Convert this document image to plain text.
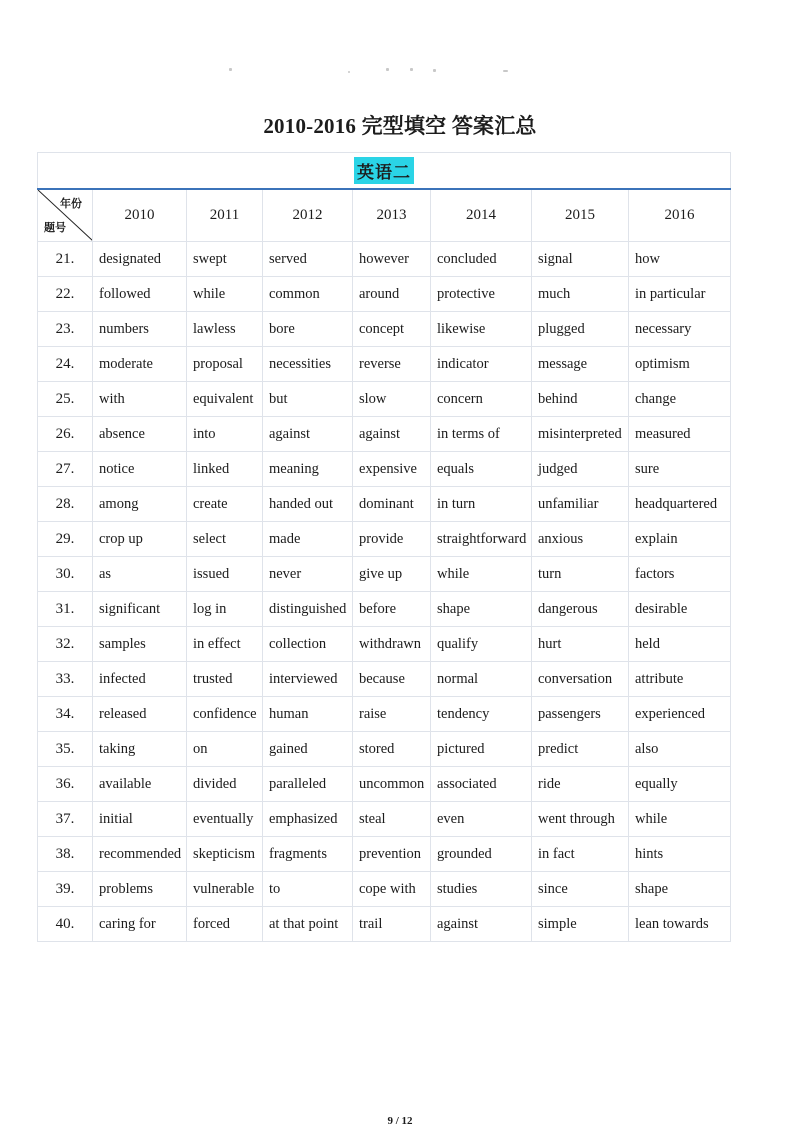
2010-2016 完型填空 答案汇总
英语二							

年份
题号	2010	2011	2012	2013	2014	2015	2016
21.	designated	swept	served	however	concluded	signal	how
22.	followed	while	common	around	protective	much	in particular
23.	numbers	lawless	bore	concept	likewise	plugged	necessary
24.	moderate	proposal	necessities	reverse	indicator	message	optimism
25.	with	equivalent	but	slow	concern	behind	change
26.	absence	into	against	against	in terms of	misinterpreted	measured
27.	notice	linked	meaning	expensive	equals	judged	sure
28.	among	create	handed out	dominant	in turn	unfamiliar	headquartered
29.	crop up	select	made	provide	straightforward	anxious	explain
30.	as	issued	never	give up	while	turn	factors
31.	significant	log in	distinguished	before	shape	dangerous	desirable
32.	samples	in effect	collection	withdrawn	qualify	hurt	held
33.	infected	trusted	interviewed	because	normal	conversation	attribute
34.	released	confidence	human	raise	tendency	passengers	experienced
35.	taking	on	gained	stored	pictured	predict	also
36.	available	divided	paralleled	uncommon	associated	ride	equally
37.	initial	eventually	emphasized	steal	even	went through	while
38.	recommended	skepticism	fragments	prevention	grounded	in fact	hints
39.	problems	vulnerable	to	cope with	studies	since	shape
40.	caring for	forced	at that point	trail	against	simple	lean towards
9 / 12
